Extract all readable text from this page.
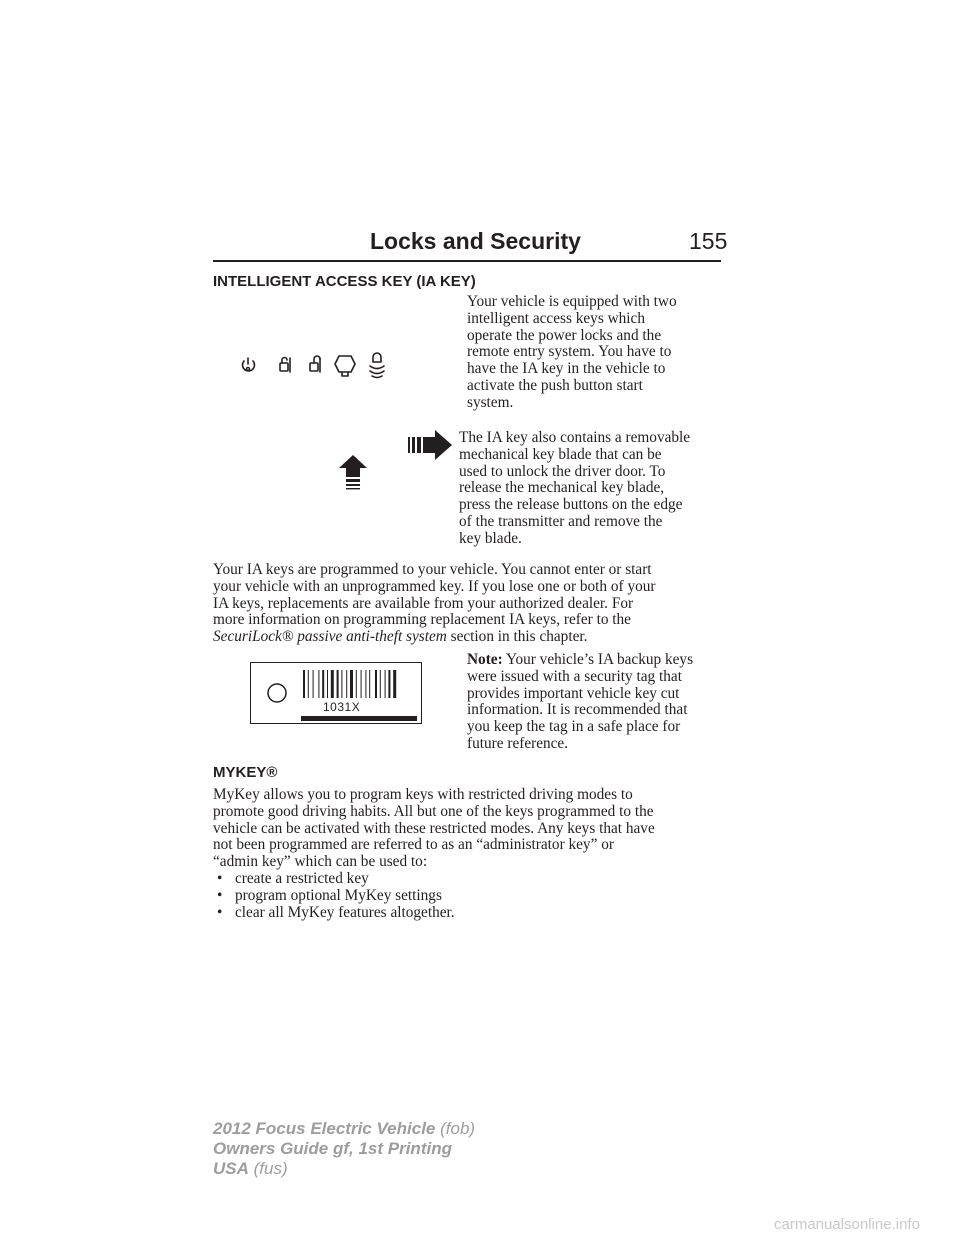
Locks and Security	155
INTELLIGENT ACCESS KEY (IA KEY)
Your vehicle is equipped with two
intelligent access keys which
operate the power locks and the
remote entry system. You have to
have the IA key in the vehicle to
activate the push button start
system.
The IA key also contains a removable
mechanical key blade that can be
used to unlock the driver door. To
release the mechanical key blade,
press the release buttons on the edge
of the transmitter and remove the
key blade.
Your IA keys are programmed to your vehicle. You cannot enter or start
your vehicle with an unprogrammed key. If you lose one or both of your
IA keys, replacements are available from your authorized dealer. For
more information on programming replacement IA keys, refer to the
SecuriLock® passive anti-theft system section in this chapter.
1031X
Note: Your vehicle’s IA backup keys
were issued with a security tag that
provides important vehicle key cut
information. It is recommended that
you keep the tag in a safe place for
future reference.
MYKEY®
MyKey allows you to program keys with restricted driving modes to
promote good driving habits. All but one of the keys programmed to the
vehicle can be activated with these restricted modes. Any keys that have
not been programmed are referred to as an “administrator key” or
“admin key” which can be used to:
• create a restricted key
• program optional MyKey settings
• clear all MyKey features altogether.
2012 Focus Electric Vehicle (fob)
Owners Guide gf, 1st Printing
USA (fus)
carmanualsonline.info
